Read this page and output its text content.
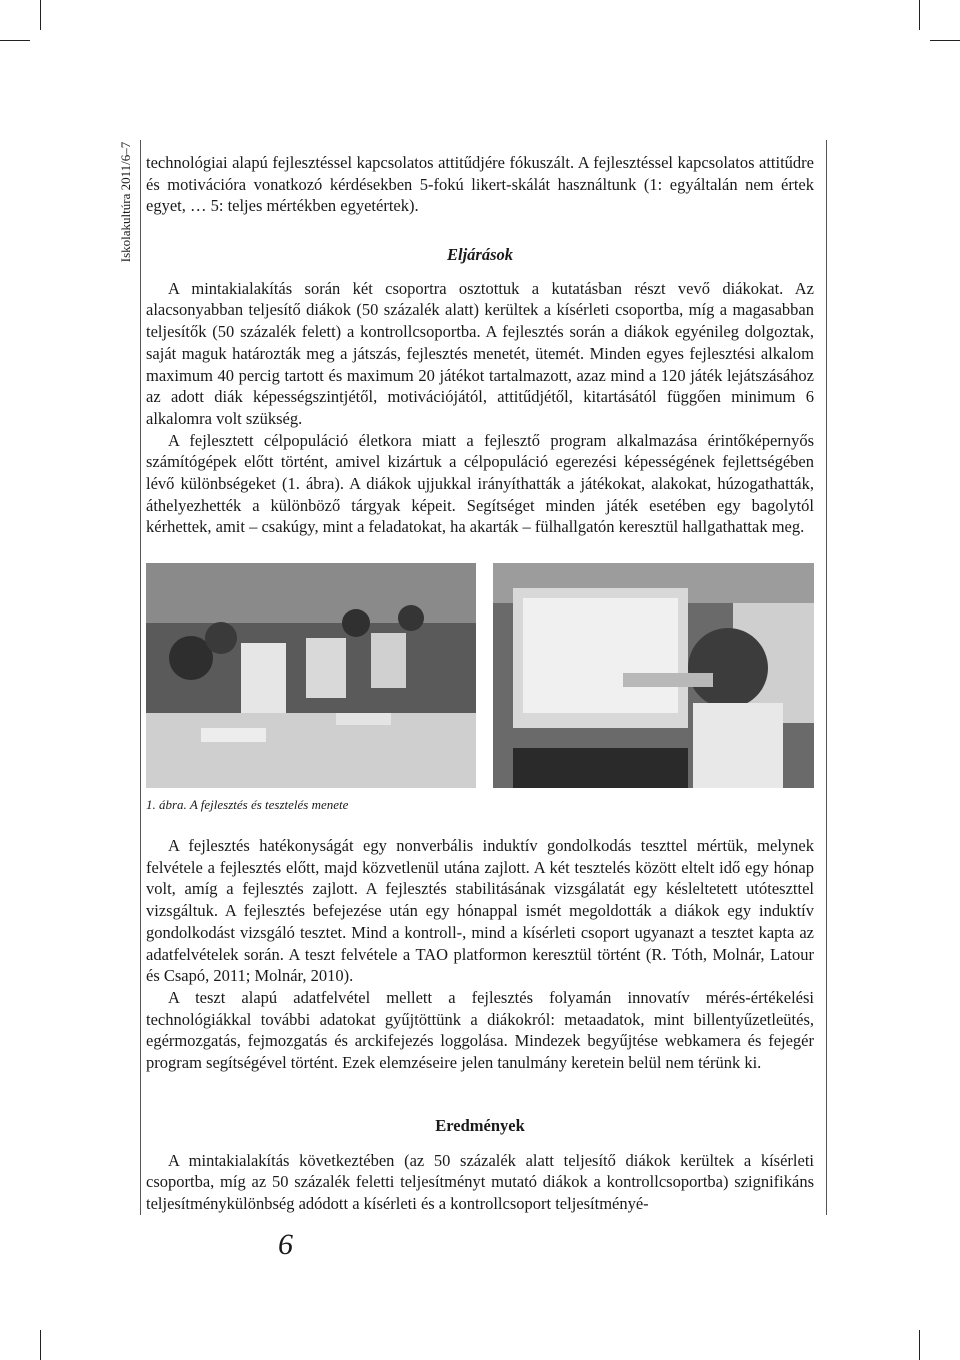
Iskolakultúra 2011/6–7 technológiai alapú fejlesztéssel kapcsolatos attitűdjére fókuszált. A fejlesztéssel kapcsolatos attitűdre és motivációra vonatkozó kérdésekben 5-fokú likert-skálát használtunk (1: egyáltalán nem értek egyet, … 5: teljes mértékben egyetértek).

Eljárások

A mintakialakítás során két csoportra osztottuk a kutatásban részt vevő diákokat. Az alacsonyabban teljesítő diákok (50 százalék alatt) kerültek a kísérleti csoportba, míg a magasabban teljesítők (50 százalék felett) a kontrollcsoportba. A fejlesztés során a diákok egyénileg dolgoztak, saját maguk határozták meg a játszás, fejlesztés menetét, ütemét. Minden egyes fejlesztési alkalom maximum 40 percig tartott és maximum 20 játékot tartalmazott, azaz mind a 120 játék lejátszásához az adott diák képességszintjétől, motivációjától, attitűdjétől, kitartásától függően minimum 6 alkalomra volt szükség.

A fejlesztett célpopuláció életkora miatt a fejlesztő program alkalmazása érintőképernyős számítógépek előtt történt, amivel kizártuk a célpopuláció egerezési képességének fejlettségében lévő különbségeket (1. ábra). A diákok ujjukkal irányíthatták a játékokat, alakokat, húzogathatták, áthelyezhették a különböző tárgyak képeit. Segítséget minden játék esetében egy bagolytól kérhettek, amit – csakúgy, mint a feladatokat, ha akarták – fülhallgatón keresztül hallgathattak meg.

1. ábra. A fejlesztés és tesztelés menete

A fejlesztés hatékonyságát egy nonverbális induktív gondolkodás teszttel mértük, melynek felvétele a fejlesztés előtt, majd közvetlenül utána zajlott. A két tesztelés között eltelt idő egy hónap volt, amíg a fejlesztés zajlott. A fejlesztés stabilitásának vizsgálatát egy késleltetett utóteszttel vizsgáltuk. A fejlesztés befejezése után egy hónappal ismét megoldották a diákok egy induktív gondolkodást vizsgáló tesztet. Mind a kontroll-, mind a kísérleti csoport ugyanazt a tesztet kapta az adatfelvételek során. A teszt felvétele a TAO platformon keresztül történt (R. Tóth, Molnár, Latour és Csapó, 2011; Molnár, 2010).

A teszt alapú adatfelvétel mellett a fejlesztés folyamán innovatív mérés-értékelési technológiákkal további adatokat gyűjtöttünk a diákokról: metaadatok, mint billentyűzetleütés, egérmozgatás, fejmozgatás és arckifejezés loggolása. Mindezek begyűjtése webkamera és fejegér program segítségével történt. Ezek elemzéseire jelen tanulmány keretein belül nem térünk ki.

Eredmények

A mintakialakítás következtében (az 50 százalék alatt teljesítő diákok kerültek a kísérleti csoportba, míg az 50 százalék feletti teljesítményt mutató diákok a kontrollcsoportba) szignifikáns teljesítménykülönbség adódott a kísérleti és a kontrollcsoport teljesítményé-

6
